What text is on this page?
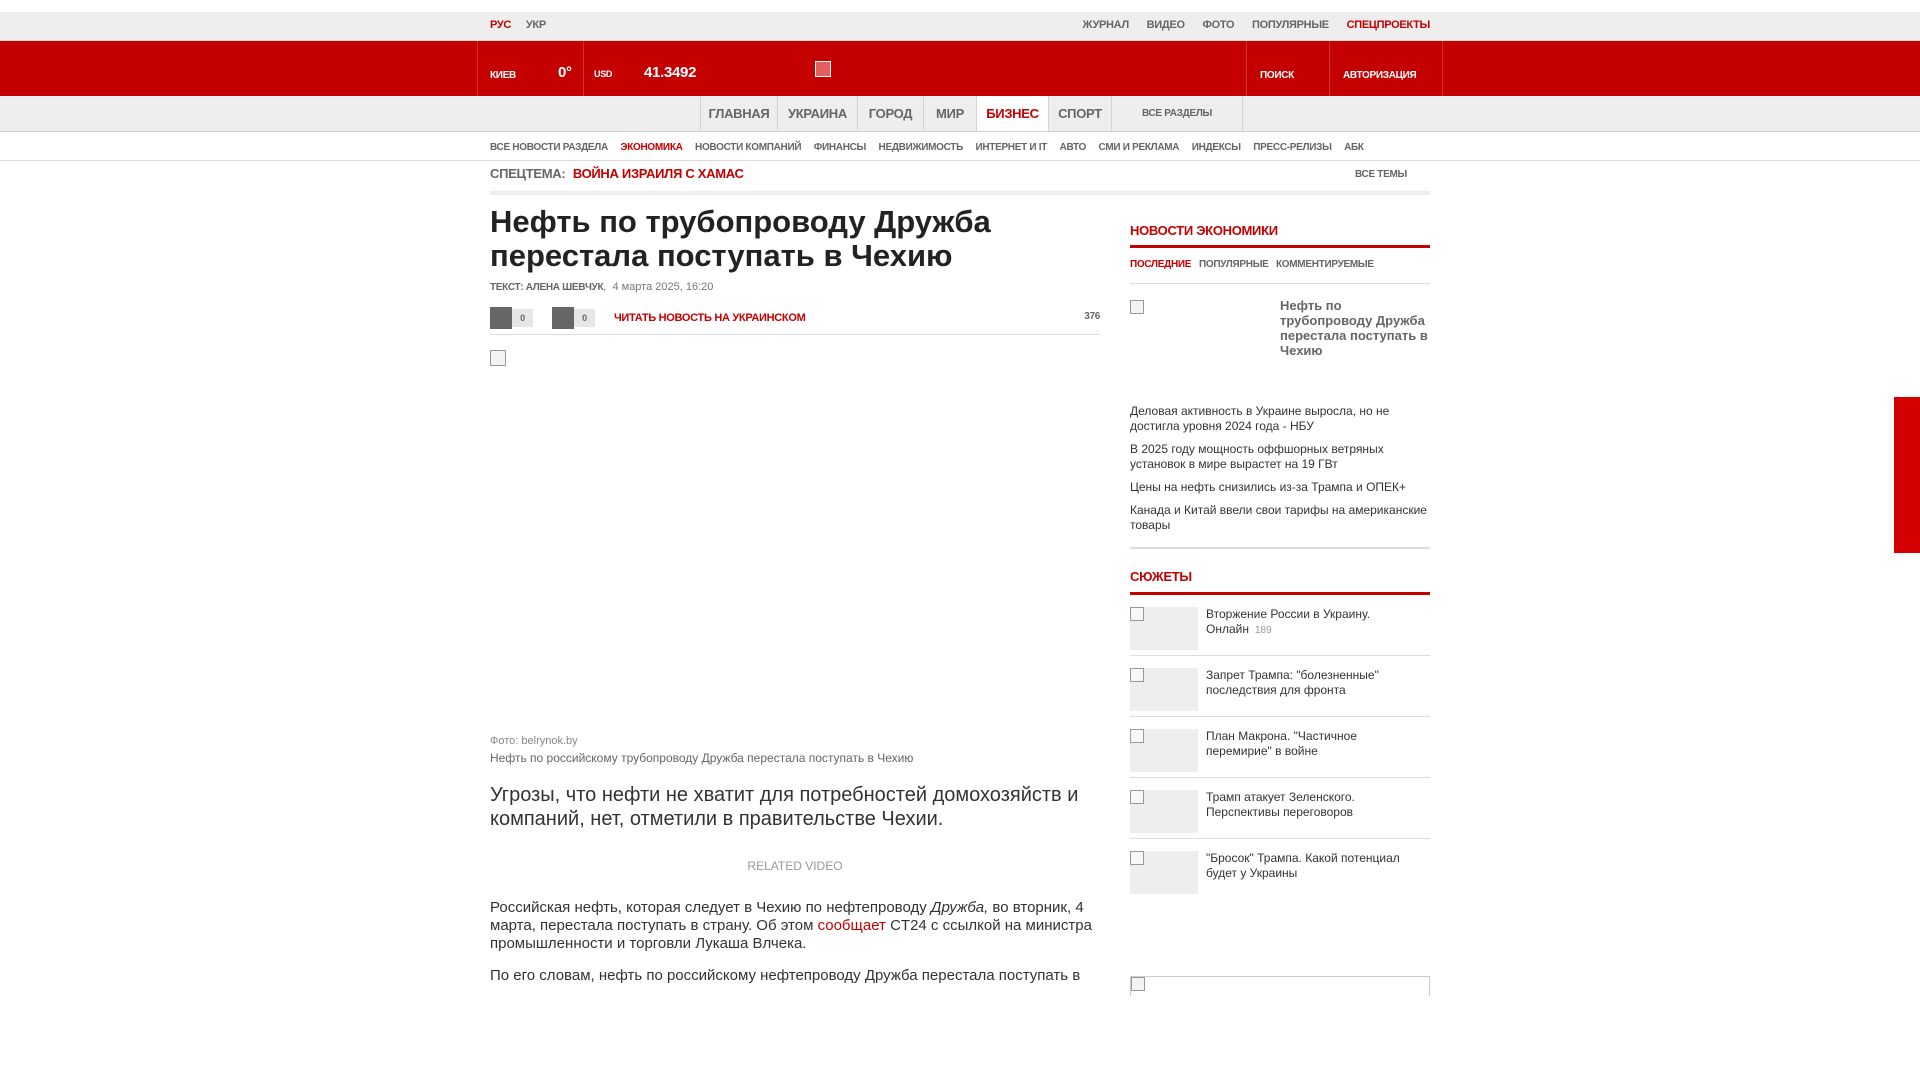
РУС УКР	ЖУРНАЛ ВИДЕО ФОТО ПОПУЛЯРНЫЕ СПЕЦПРОЕКТЫ
КИЕВ	0° USD 41.3492	ПОИСК	АВТОРИЗАЦИЯ
ГЛАВНАЯ	УКРАИНА	ГОРОД	МИР	БИЗНЕС	СПОРТ	ВСЕ РАЗДЕЛЫ
ВСЕ НОВОСТИ РАЗДЕЛА ЭКОНОМИКА НОВОСТИ КОМПАНИЙ ФИНАНСЫ НЕДВИЖИМОСТЬ ИНТЕРНЕТ И IT АВТО СМИ И РЕКЛАМА ИНДЕКСЫ ПРЕСС-РЕЛИЗЫ АБК
СПЕЦТЕМА: ВОЙНА ИЗРАИЛЯ С ХАМАС	ВСЕ ТЕМЫ
Нефть по трубопроводу Дружба перестала поступать в Чехию
ТЕКСТ: АЛЕНА ШЕВЧУК,  4 марта 2025, 16:20
0	0	ЧИТАТЬ НОВОСТЬ НА УКРАИНСКОМ	376
Фото: belrynok.by
Нефть по российскому трубопроводу Дружба перестала поступать в Чехию

Угрозы, что нефти не хватит для потребностей домохозяйств и компаний, нет, отметили в правительстве Чехии.

RELATED VIDEO

Российская нефть, которая следует в Чехию по нефтепроводу Дружба, во вторник, 4 марта, перестала поступать в страну. Об этом сообщает CT24 с ссылкой на министра промышленности и торговли Лукаша Влчека.

По его словам, нефть по российскому нефтепроводу Дружба перестала поступать в

НОВОСТИ ЭКОНОМИКИ
ПОСЛЕДНИЕ ПОПУЛЯРНЫЕ КОММЕНТИРУЕМЫЕ
Нефть по трубопроводу Дружба перестала поступать в Чехию
Деловая активность в Украине выросла, но не достигла уровня 2024 года - НБУ
В 2025 году мощность оффшорных ветряных установок в мире вырастет на 19 ГВт
Цены на нефть снизились из-за Трампа и ОПЕК+
Канада и Китай ввели свои тарифы на американские товары
СЮЖЕТЫ
Вторжение России в Украину. Онлайн 189
Запрет Трампа: "болезненные" последствия для фронта
План Макрона. "Частичное перемирие" в войне
Трамп атакует Зеленского. Перспективы переговоров
"Бросок" Трампа. Какой потенциал будет у Украины
